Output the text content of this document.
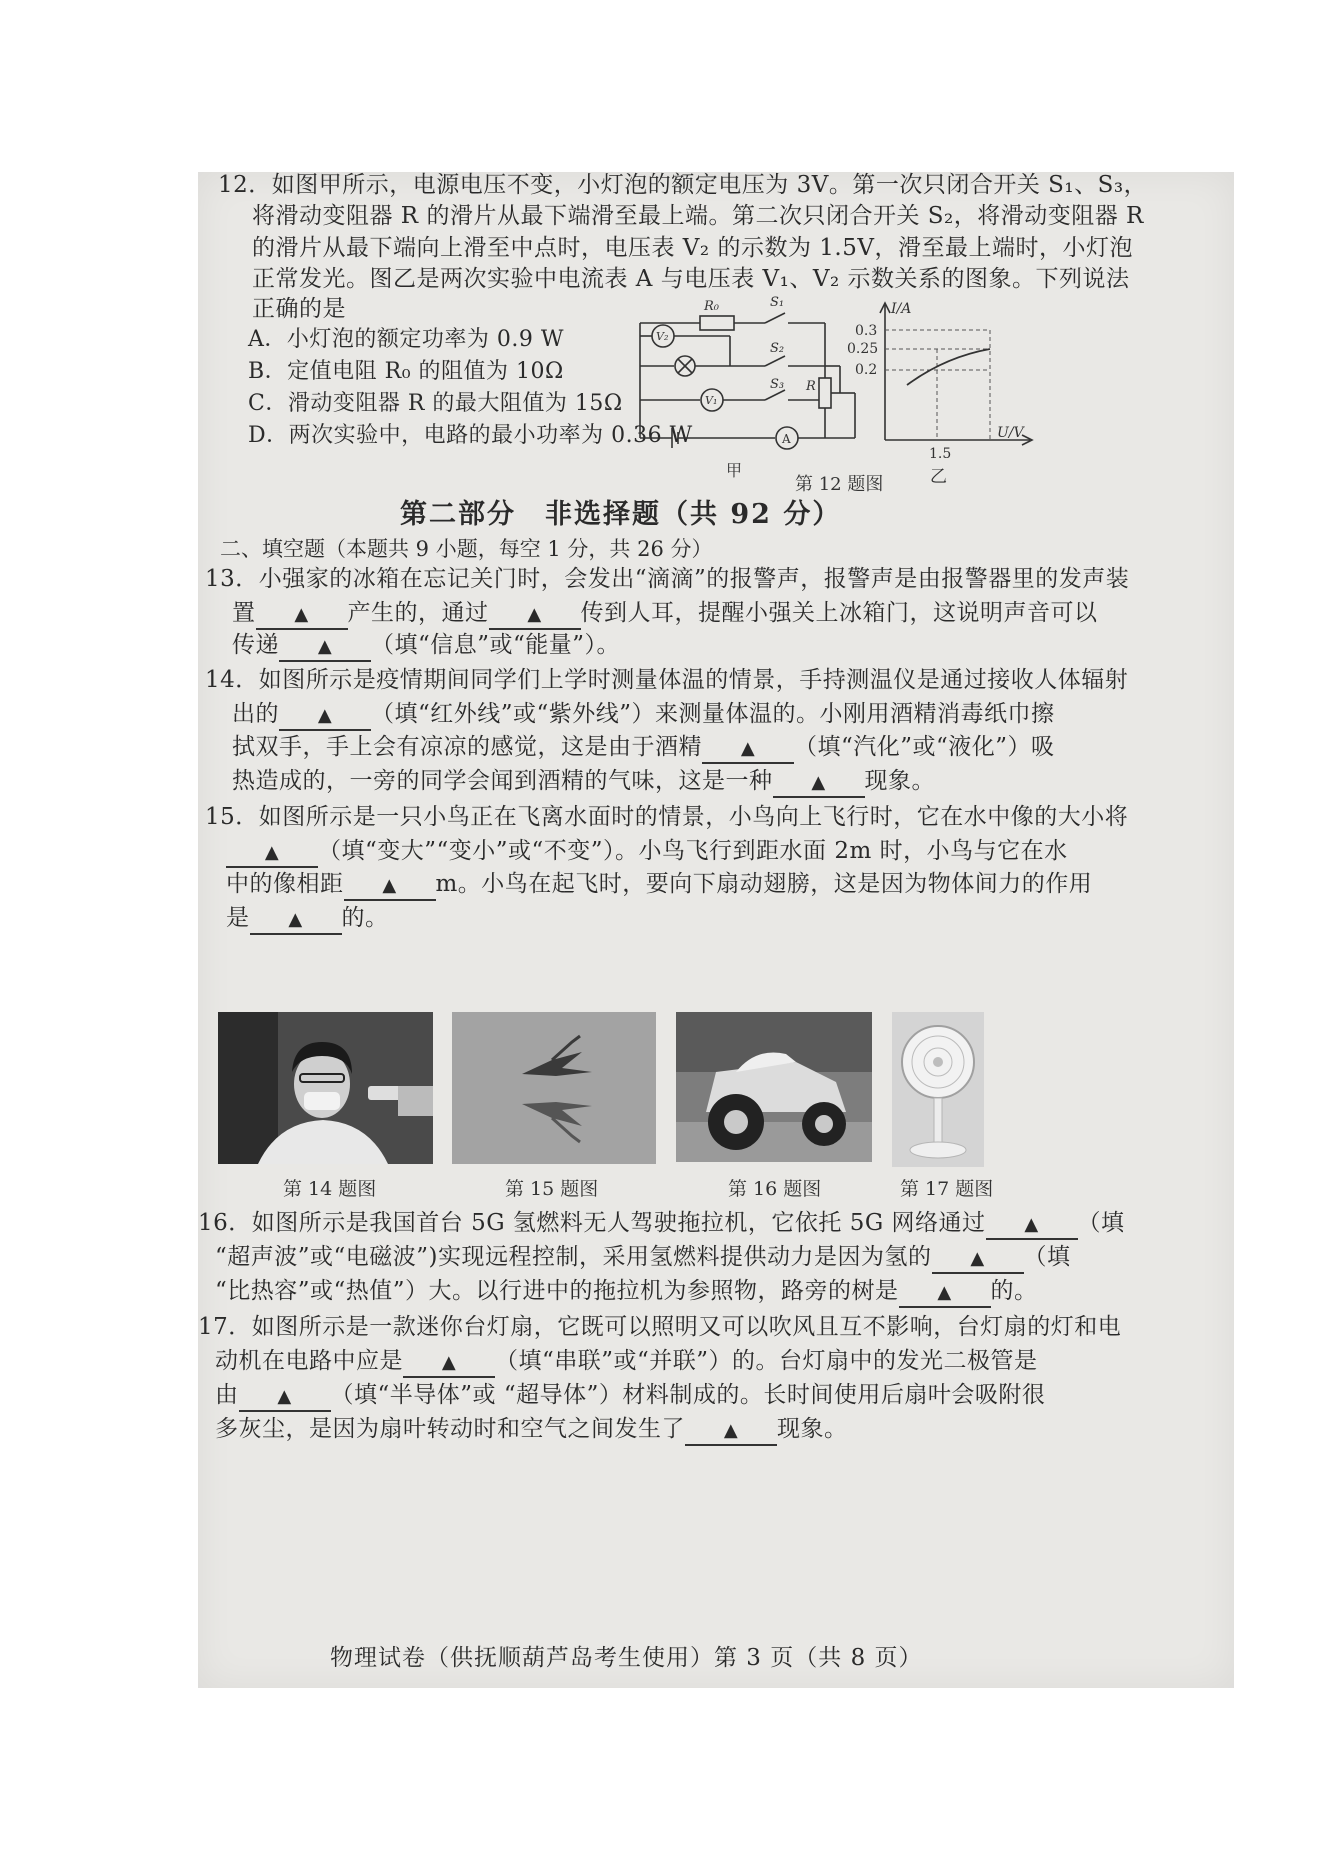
12．如图甲所示，电源电压不变，小灯泡的额定电压为 3V。第一次只闭合开关 S₁、S₃，
将滑动变阻器 R 的滑片从最下端滑至最上端。第二次只闭合开关 S₂，将滑动变阻器 R
的滑片从最下端向上滑至中点时，电压表 V₂ 的示数为 1.5V，滑至最上端时，小灯泡
正常发光。图乙是两次实验中电流表 A 与电压表 V₁、V₂ 示数关系的图象。下列说法
正确的是
A．小灯泡的额定功率为 0.9 W
B．定值电阻 R₀ 的阻值为 10Ω
C．滑动变阻器 R 的最大阻值为 15Ω
D．两次实验中，电路的最小功率为 0.36 W
R₀	S₁
S₂
S₃ R
V₂
V₁
A
甲
第 12 题图
I/A
0.3
0.25
0.2
U/V
1.5
乙
第二部分　非选择题（共 92 分）
二、填空题（本题共 9 小题，每空 1 分，共 26 分）
13．小强家的冰箱在忘记关门时，会发出“滴滴”的报警声，报警声是由报警器里的发声装
置 ▲ 产生的，通过 ▲ 传到人耳，提醒小强关上冰箱门，这说明声音可以
传递 ▲ （填“信息”或“能量”）。
14．如图所示是疫情期间同学们上学时测量体温的情景，手持测温仪是通过接收人体辐射
出的 ▲ （填“红外线”或“紫外线”）来测量体温的。小刚用酒精消毒纸巾擦
拭双手，手上会有凉凉的感觉，这是由于酒精 ▲ （填“汽化”或“液化”）吸
热造成的，一旁的同学会闻到酒精的气味，这是一种 ▲ 现象。
15．如图所示是一只小鸟正在飞离水面时的情景，小鸟向上飞行时，它在水中像的大小将
▲ （填“变大”“变小”或“不变”）。小鸟飞行到距水面 2m 时，小鸟与它在水
中的像相距 ▲ m。小鸟在起飞时，要向下扇动翅膀，这是因为物体间力的作用
是 ▲ 的。
第 14 题图	第 15 题图	第 16 题图	第 17 题图
16．如图所示是我国首台 5G 氢燃料无人驾驶拖拉机，它依托 5G 网络通过 ▲ （填
“超声波”或“电磁波”)实现远程控制，采用氢燃料提供动力是因为氢的 ▲ （填
“比热容”或“热值”）大。以行进中的拖拉机为参照物，路旁的树是 ▲ 的。
17．如图所示是一款迷你台灯扇，它既可以照明又可以吹风且互不影响，台灯扇的灯和电
动机在电路中应是 ▲ （填“串联”或“并联”）的。台灯扇中的发光二极管是
由 ▲ （填“半导体”或 “超导体”）材料制成的。长时间使用后扇叶会吸附很
多灰尘，是因为扇叶转动时和空气之间发生了 ▲ 现象。
物理试卷（供抚顺葫芦岛考生使用）第 3 页（共 8 页）
